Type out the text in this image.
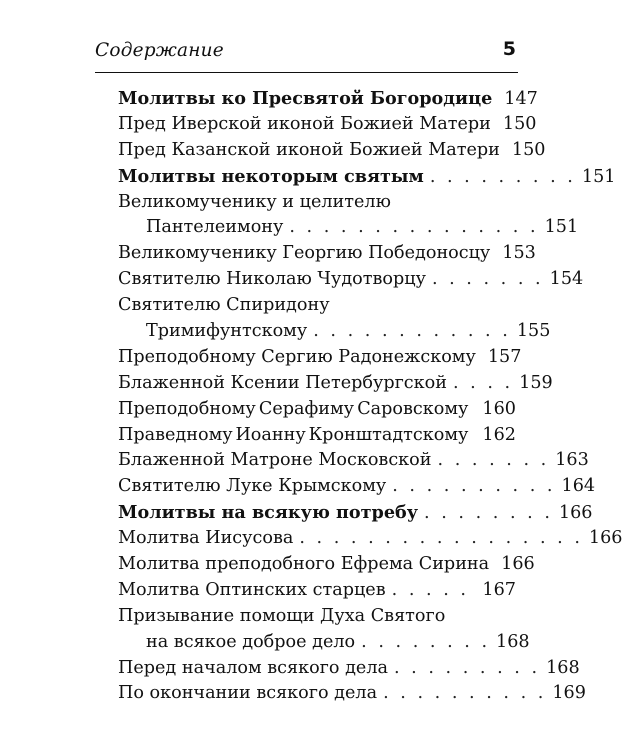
Содержание	5
Молитвы ко Пресвятой Богородице 147
Пред Иверской иконой Божией Матери 150
Пред Казанской иконой Божией Матери 150
Молитвы некоторым святым . . . . . . . . . 151
Великомученику и целителю
Пантелеимону . . . . . . . . . . . . . . . 151
Великомученику Георгию Победоносцу 153
Святителю Николаю Чудотворцу . . . . . . . 154
Святителю Спиридону
Тримифунтскому . . . . . . . . . . . . 155
Преподобному Сергию Радонежскому 157
Блаженной Ксении Петербургской . . . . 159
Преподобному Серафиму Саровскому 160
Праведному Иоанну Кронштадтскому 162
Блаженной Матроне Московской . . . . . . . 163
Святителю Луке Крымскому . . . . . . . . . . 164
Молитвы на всякую потребу . . . . . . . . 166
Молитва Иисусова . . . . . . . . . . . . . . . . . 166
Молитва преподобного Ефрема Сирина 166
Молитва Оптинских старцев . . . . . 167
Призывание помощи Духа Святого
на всякое доброе дело . . . . . . . . 168
Перед началом всякого дела . . . . . . . . . 168
По окончании всякого дела . . . . . . . . . . 169
